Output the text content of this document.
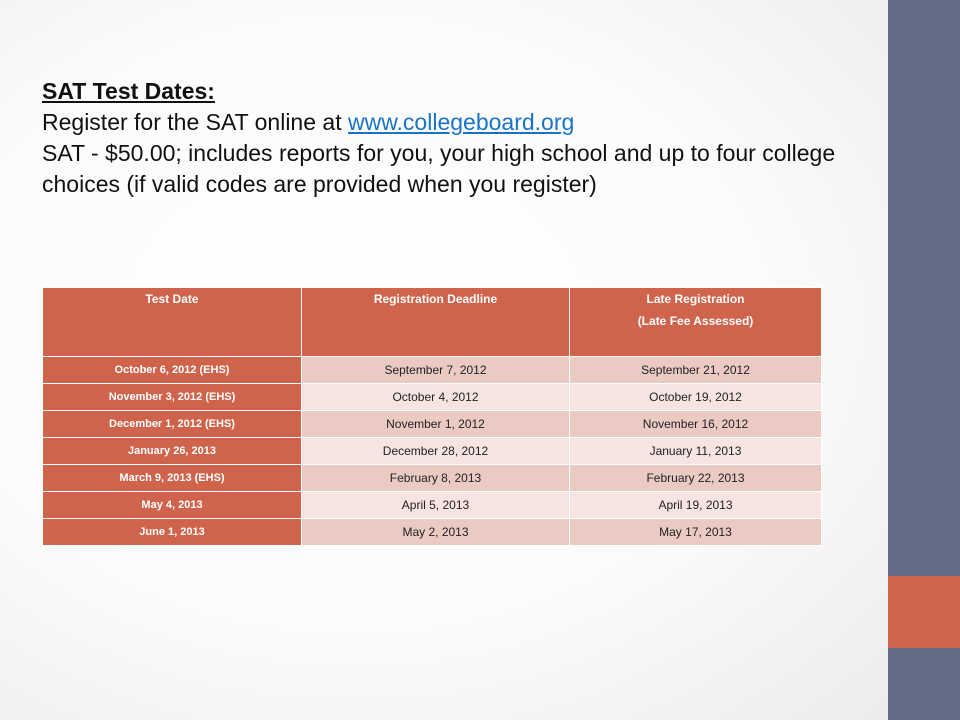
SAT Test Dates:

Register for the SAT online at www.collegeboard.org

SAT - $50.00; includes reports for you, your high school and up to four college choices (if valid codes are provided when you register)

Test Date	Registration Deadline	Late Registration
(Late Fee Assessed)
October 6, 2012 (EHS)	September 7, 2012	September 21, 2012
November 3, 2012 (EHS)	October 4, 2012	October 19, 2012
December 1, 2012 (EHS)	November 1, 2012	November 16, 2012
January 26, 2013	December 28, 2012	January 11, 2013
March 9, 2013 (EHS)	February 8, 2013	February 22, 2013
May 4, 2013	April 5, 2013	April 19, 2013
June 1, 2013	May 2, 2013	May 17, 2013
